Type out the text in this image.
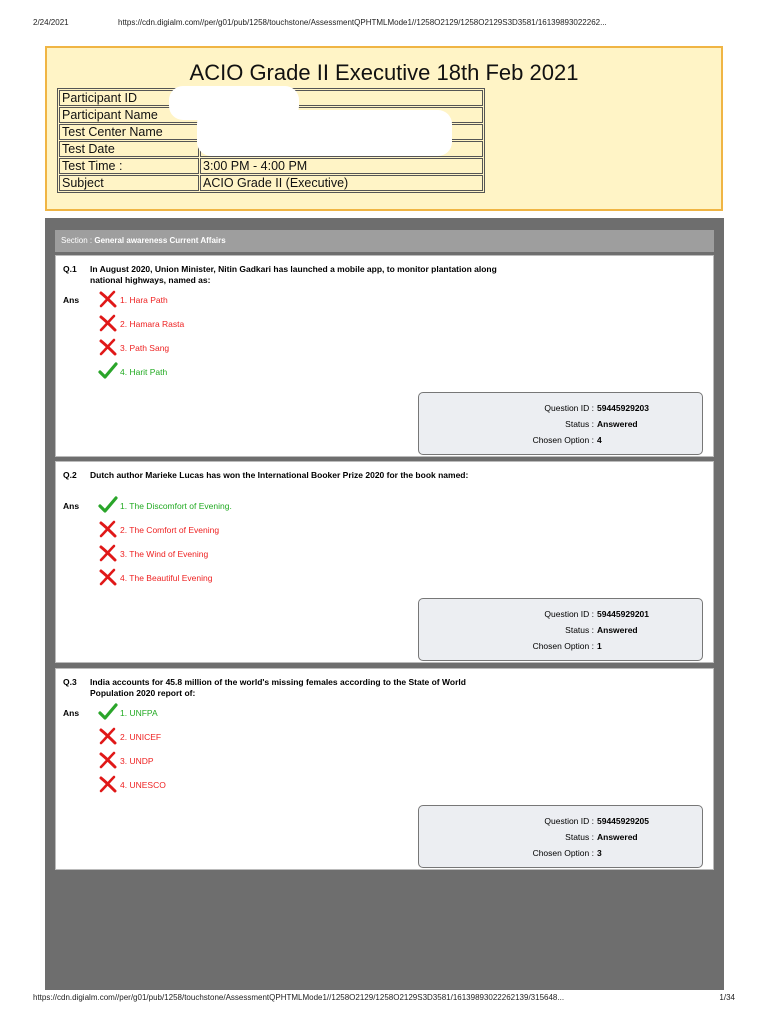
2/24/2021	https://cdn.digialm.com//per/g01/pub/1258/touchstone/AssessmentQPHTMLMode1//1258O2129/1258O2129S3D3581/16139893022262...
ACIO Grade II Executive 18th Feb 2021
Participant ID	
Participant Name	
Test Center Name	
Test Date	
Test Time :	3:00 PM - 4:00 PM
Subject	ACIO Grade II (Executive)
Section : General awareness Current Affairs
Q.1 In August 2020, Union Minister, Nitin Gadkari has launched a mobile app, to monitor plantation along national highways, named as:
Ans	1. Hara Path
2. Hamara Rasta
3. Path Sang
4. Harit Path
Question ID : 59445929203
Status : Answered
Chosen Option : 4
Q.2 Dutch author Marieke Lucas has won the International Booker Prize 2020 for the book named:
Ans	1. The Discomfort of Evening.
2. The Comfort of Evening
3. The Wind of Evening
4. The Beautiful Evening
Question ID : 59445929201
Status : Answered
Chosen Option : 1
Q.3 India accounts for 45.8 million of the world's missing females according to the State of World Population 2020 report of:
Ans	1. UNFPA
2. UNICEF
3. UNDP
4. UNESCO
Question ID : 59445929205
Status : Answered
Chosen Option : 3
https://cdn.digialm.com//per/g01/pub/1258/touchstone/AssessmentQPHTMLMode1//1258O2129/1258O2129S3D3581/16139893022262139/315648...	1/34
